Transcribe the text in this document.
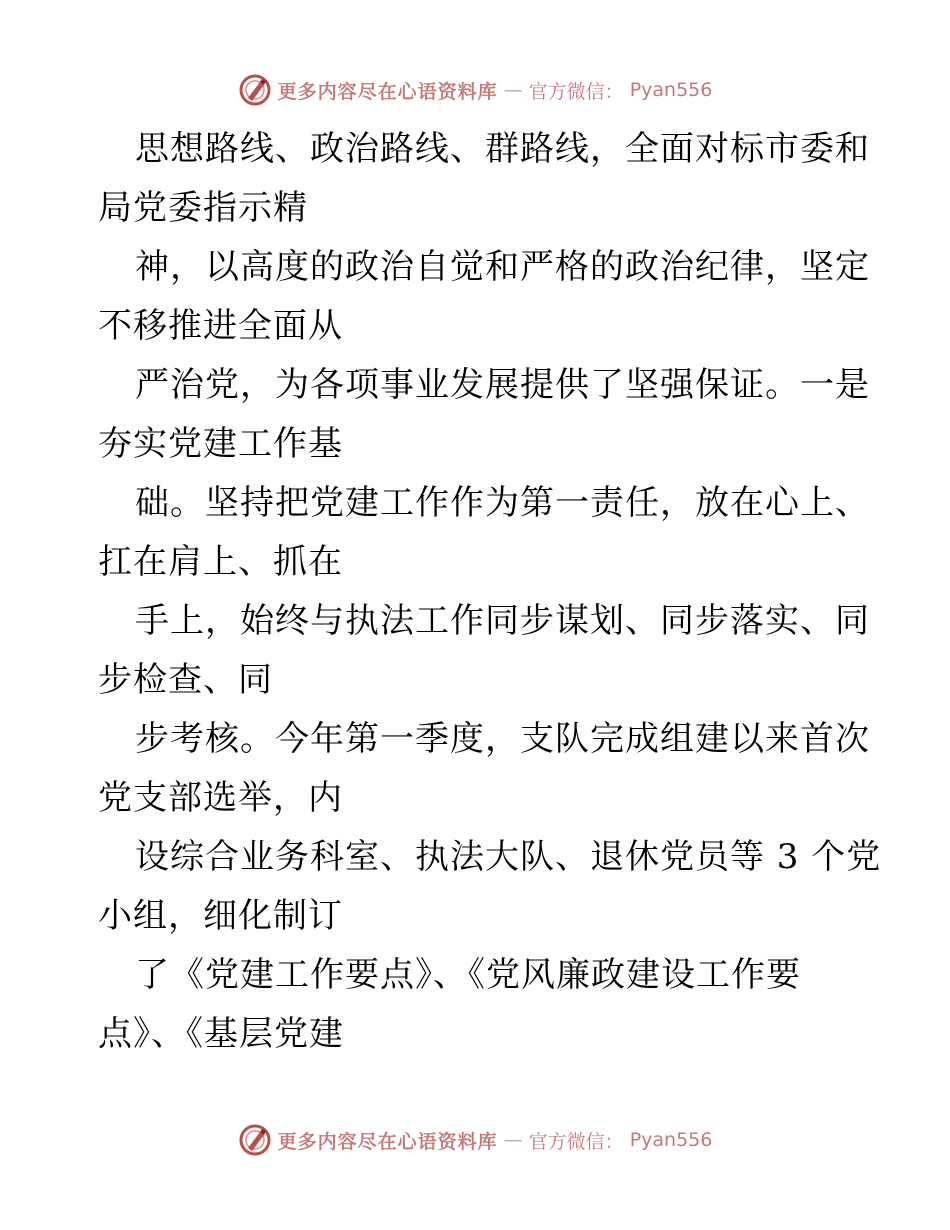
更多内容尽在心语资料库 — 官方微信： Pyan556

思想路线、政治路线、群路线，全面对标市委和
局党委指示精

神，以高度的政治自觉和严格的政治纪律，坚定
不移推进全面从

严治党，为各项事业发展提供了坚强保证。一是
夯实党建工作基

础。坚持把党建工作作为第一责任，放在心上、
扛在肩上、抓在

手上，始终与执法工作同步谋划、同步落实、同
步检查、同

步考核。今年第一季度，支队完成组建以来首次
党支部选举，内

设综合业务科室、执法大队、退休党员等 3 个党
小组，细化制订

了《党建工作要点》、《党风廉政建设工作要
点》、《基层党建

更多内容尽在心语资料库 — 官方微信： Pyan556
